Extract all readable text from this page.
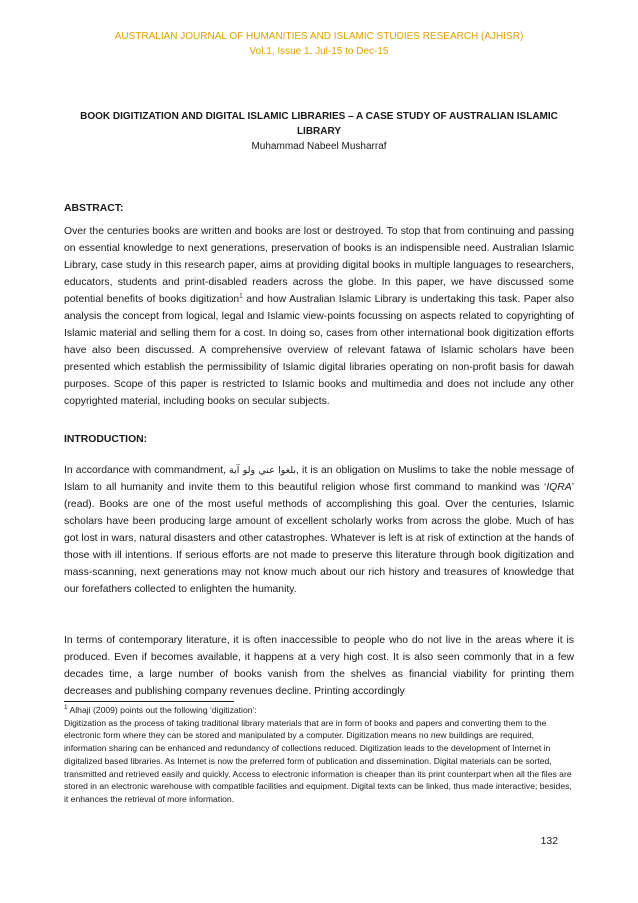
AUSTRALIAN JOURNAL OF HUMANITIES AND ISLAMIC STUDIES RESEARCH (AJHISR)
Vol.1, Issue 1, Jul-15 to Dec-15
BOOK DIGITIZATION AND DIGITAL ISLAMIC LIBRARIES – A CASE STUDY OF AUSTRALIAN ISLAMIC LIBRARY
Muhammad Nabeel Musharraf
ABSTRACT:
Over the centuries books are written and books are lost or destroyed. To stop that from continuing and passing on essential knowledge to next generations, preservation of books is an indispensible need. Australian Islamic Library, case study in this research paper, aims at providing digital books in multiple languages to researchers, educators, students and print-disabled readers across the globe. In this paper, we have discussed some potential benefits of books digitization$^1$ and how Australian Islamic Library is undertaking this task. Paper also analysis the concept from logical, legal and Islamic view-points focussing on aspects related to copyrighting of Islamic material and selling them for a cost. In doing so, cases from other international book digitization efforts have also been discussed. A comprehensive overview of relevant fatawa of Islamic scholars have been presented which establish the permissibility of Islamic digital libraries operating on non-profit basis for dawah purposes. Scope of this paper is restricted to Islamic books and multimedia and does not include any other copyrighted material, including books on secular subjects.
INTRODUCTION:
In accordance with commandment, بلغوا عني ولو آية, it is an obligation on Muslims to take the noble message of Islam to all humanity and invite them to this beautiful religion whose first command to mankind was ‘IQRA’ (read). Books are one of the most useful methods of accomplishing this goal. Over the centuries, Islamic scholars have been producing large amount of excellent scholarly works from across the globe. Much of has got lost in wars, natural disasters and other catastrophes. Whatever is left is at risk of extinction at the hands of those with ill intentions. If serious efforts are not made to preserve this literature through book digitization and mass-scanning, next generations may not know much about our rich history and treasures of knowledge that our forefathers collected to enlighten the humanity.
In terms of contemporary literature, it is often inaccessible to people who do not live in the areas where it is produced. Even if becomes available, it happens at a very high cost. It is also seen commonly that in a few decades time, a large number of books vanish from the shelves as financial viability for printing them decreases and publishing company revenues decline. Printing accordingly

$^1$ Alhaji (2009) points out the following ‘digitization’:

Digitization as the process of taking traditional library materials that are in form of books and papers and converting them to the electronic form where they can be stored and manipulated by a computer. Digitization means no new buildings are required, information sharing can be enhanced and redundancy of collections reduced. Digitization leads to the development of Internet in digitalized based libraries. As Internet is now the preferred form of publication and dissemination. Digital materials can be sorted, transmitted and retrieved easily and quickly. Access to electronic information is cheaper than its print counterpart when all the files are stored in an electronic warehouse with compatible facilities and equipment. Digital texts can be linked, thus made interactive; besides, it enhances the retrieval of more information.

132
